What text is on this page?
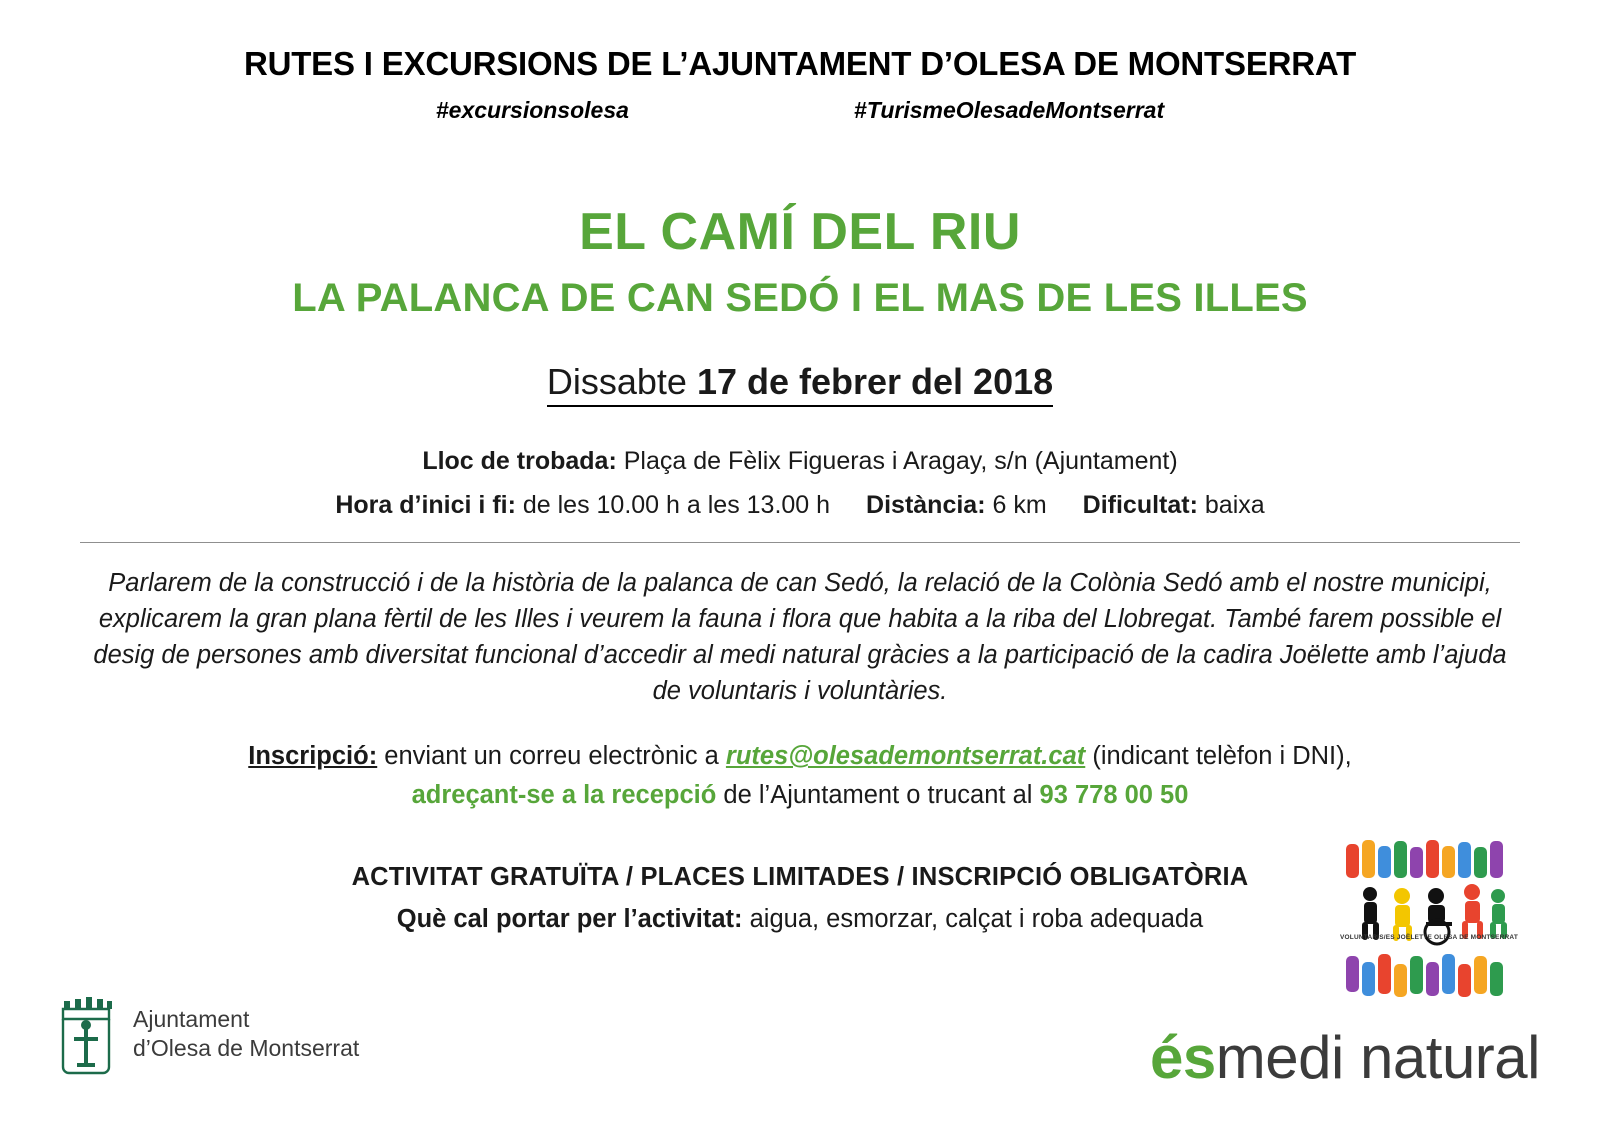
RUTES I EXCURSIONS DE L’AJUNTAMENT D’OLESA DE MONTSERRAT
#excursionsolesa	#TurismeOlesadeMontserrat
EL CAMÍ DEL RIU
LA PALANCA DE CAN SEDÓ I EL MAS DE LES ILLES
Dissabte 17 de febrer del 2018
Lloc de trobada: Plaça de Fèlix Figueras i Aragay, s/n (Ajuntament)
Hora d’inici i fi: de les 10.00 h a les 13.00 h Distància: 6 km Dificultat: baixa
Parlarem de la construcció i de la història de la palanca de can Sedó, la relació de la Colònia Sedó amb el nostre municipi, explicarem la gran plana fèrtil de les Illes i veurem la fauna i flora que habita a la riba del Llobregat. També farem possible el desig de persones amb diversitat funcional d’accedir al medi natural gràcies a la participació de la cadira Joëlette amb l’ajuda de voluntaris i voluntàries.
Inscripció: enviant un correu electrònic a rutes@olesademontserrat.cat (indicant telèfon i DNI),
adreçant-se a la recepció de l’Ajuntament o trucant al 93 778 00 50
ACTIVITAT GRATUÏTA / PLACES LIMITADES / INSCRIPCIÓ OBLIGATÒRIA
Què cal portar per l’activitat: aigua, esmorzar, calçat i roba adequada
VOLUNTARIS/ES JOËLETTE OLESA DE MONTSERRAT
Ajuntament
d’Olesa de Montserrat	ésmedi natural
